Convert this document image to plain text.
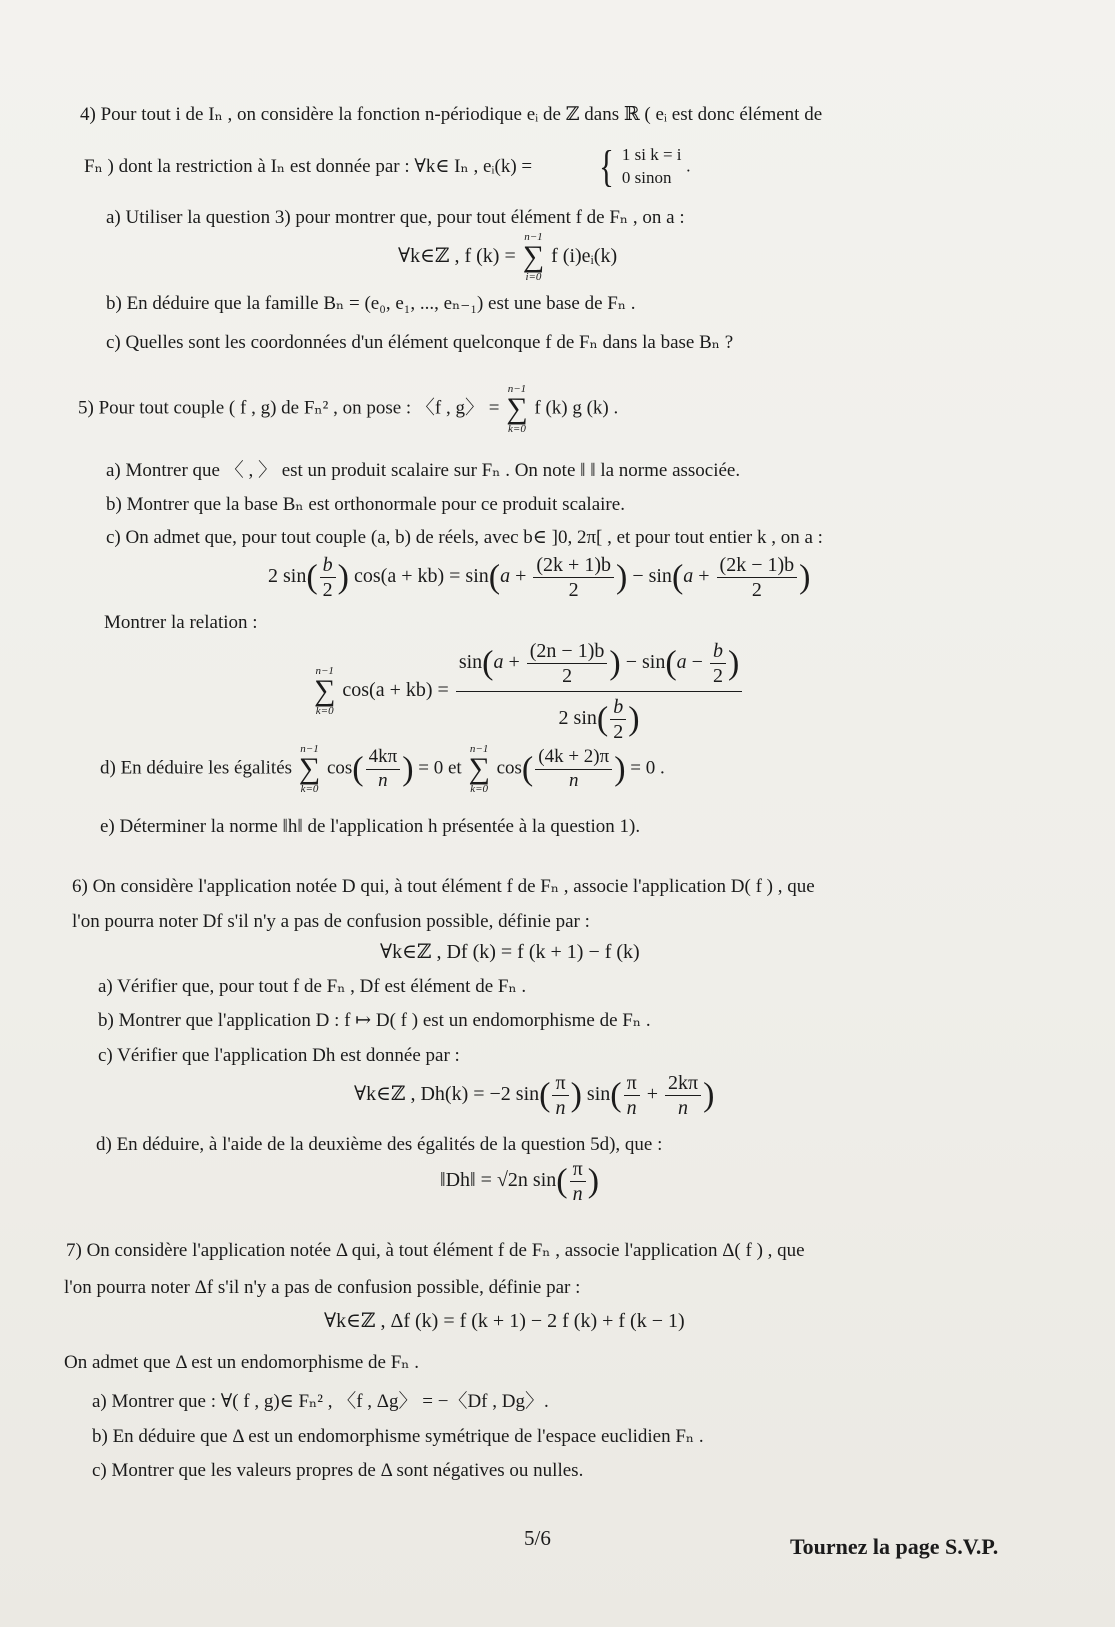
4) Pour tout i de Iₙ , on considère la fonction n-périodique eᵢ de ℤ dans ℝ ( eᵢ est donc élément de
Fₙ ) dont la restriction à Iₙ est donnée par : ∀k∈ Iₙ , eᵢ(k) = { 1 si k = i
0 sinon
.
a) Utiliser la question 3) pour montrer que, pour tout élément f de Fₙ , on a :
∀k∈ℤ , f (k) =
n−1
∑
i=0
f (i)eᵢ(k)
b) En déduire que la famille Bₙ = (e₀, e₁, ..., eₙ₋₁) est une base de Fₙ .
c) Quelles sont les coordonnées d'un élément quelconque f de Fₙ dans la base Bₙ ?
5) Pour tout couple ( f , g) de Fₙ² , on pose : 〈f , g〉 =
n−1
∑
k=0
f (k) g (k) .
a) Montrer que 〈 , 〉 est un produit scalaire sur Fₙ . On note ‖ ‖ la norme associée.
b) Montrer que la base Bₙ est orthonormale pour ce produit scalaire.
c) On admet que, pour tout couple (a, b) de réels, avec b∈ ]0, 2π[ , et pour tout entier k , on a :
2 $\sin( \frac{b}{2}$ ) $\cos(a + kb) = \sin(a + \frac{(2k + 1)b}{2}$ ) − $\sin(a + \frac{(2k - 1)b}{2}$ )
Montrer la relation :
n−1
∑
k=0
$\cos(a + kb) = \frac{\sin(a + \frac{(2n - 1)b}{2} ) - \sin(a - \frac{b}{2} )}{2 \sin( \frac{b}{2} )}$
d) En déduire les égalités
n−1
∑
k=0
$\cos( \frac{4k\pi}{n}$ ) = 0 et
n−1
∑
k=0
$\cos( \frac{(4k + 2)\pi}{n}$ ) = 0 .
e) Déterminer la norme ‖h‖ de l'application h présentée à la question 1).
6) On considère l'application notée D qui, à tout élément f de Fₙ , associe l'application D( f ) , que
l'on pourra noter Df s'il n'y a pas de confusion possible, définie par :
∀k∈ℤ , Df (k) = f (k + 1) − f (k)
a) Vérifier que, pour tout f de Fₙ , Df est élément de Fₙ .
b) Montrer que l'application D : f ↦ D( f ) est un endomorphisme de Fₙ .
c) Vérifier que l'application Dh est donnée par :
∀k∈ℤ , Dh(k) = −2 $\sin( \frac{\pi}{n}$ ) $\sin( \frac{\pi}{n} + \frac{2k\pi}{n}$ )
d) En déduire, à l'aide de la deuxième des égalités de la question 5d), que :
‖Dh‖ = √2n $\sin( \frac{\pi}{n}$ )
7) On considère l'application notée Δ qui, à tout élément f de Fₙ , associe l'application Δ( f ) , que
l'on pourra noter Δf s'il n'y a pas de confusion possible, définie par :
∀k∈ℤ , Δf (k) = f (k + 1) − 2 f (k) + f (k − 1)
On admet que Δ est un endomorphisme de Fₙ .
a) Montrer que : ∀( f , g)∈ Fₙ² , 〈f , Δg〉 = −〈Df , Dg〉.
b) En déduire que Δ est un endomorphisme symétrique de l'espace euclidien Fₙ .
c) Montrer que les valeurs propres de Δ sont négatives ou nulles.
5/6	Tournez la page S.V.P.
